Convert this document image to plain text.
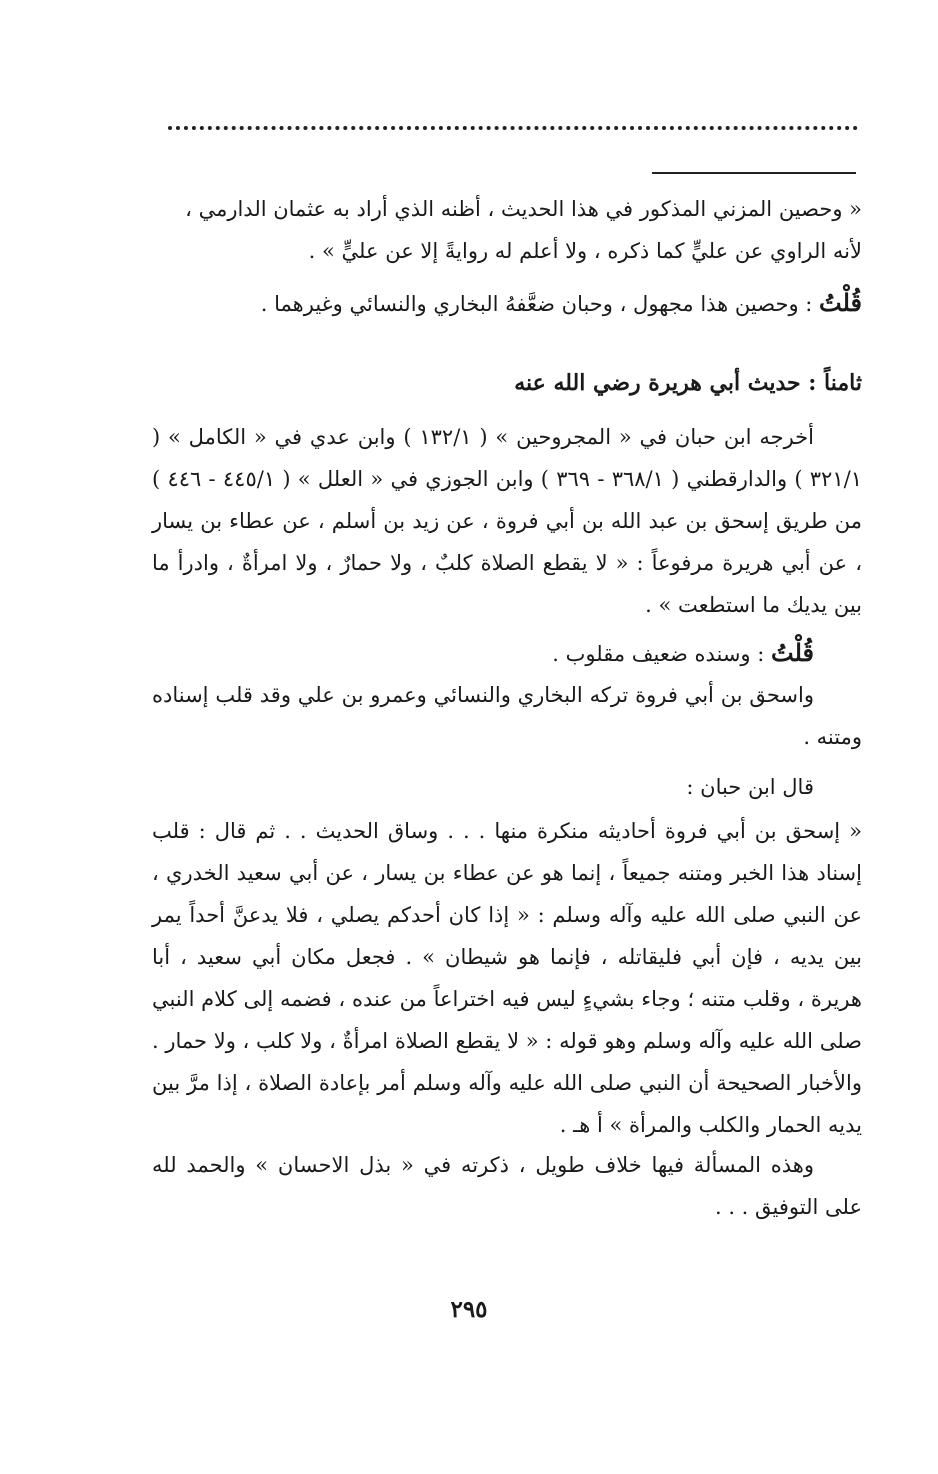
« وحصين المزني المذكور في هذا الحديث ، أظنه الذي أراد به عثمان الدارمي ،

لأنه الراوي عن عليٍّ كما ذكره ، ولا أعلم له روايةً إلا عن عليٍّ » .

قُلْتُ : وحصين هذا مجهول ، وحبان ضعَّفهُ البخاري والنسائي وغيرهما .

ثامناً : حديث أبي هريرة رضي الله عنه

أخرجه ابن حبان في « المجروحين » ( ١٣٢/١ ) وابن عدي في « الكامل » ( ٣٢١/١ ) والدارقطني ( ٣٦٨/١ - ٣٦٩ ) وابن الجوزي في « العلل » ( ٤٤٥/١ - ٤٤٦ ) من طريق إسحق بن عبد الله بن أبي فروة ، عن زيد بن أسلم ، عن عطاء بن يسار ، عن أبي هريرة مرفوعاً : « لا يقطع الصلاة كلبٌ ، ولا حمارٌ ، ولا امرأةٌ ، وادرأ ما بين يديك ما استطعت » .

قُلْتُ : وسنده ضعيف مقلوب .

واسحق بن أبي فروة تركه البخاري والنسائي وعمرو بن علي وقد قلب إسناده ومتنه .

قال ابن حبان :

« إسحق بن أبي فروة أحاديثه منكرة منها . . . وساق الحديث . . ثم قال : قلب إسناد هذا الخبر ومتنه جميعاً ، إنما هو عن عطاء بن يسار ، عن أبي سعيد الخدري ، عن النبي صلى الله عليه وآله وسلم : « إذا كان أحدكم يصلي ، فلا يدعنَّ أحداً يمر بين يديه ، فإن أبي فليقاتله ، فإنما هو شيطان » . فجعل مكان أبي سعيد ، أبا هريرة ، وقلب متنه ؛ وجاء بشيءٍ ليس فيه اختراعاً من عنده ، فضمه إلى كلام النبي صلى الله عليه وآله وسلم وهو قوله : « لا يقطع الصلاة امرأةٌ ، ولا كلب ، ولا حمار . والأخبار الصحيحة أن النبي صلى الله عليه وآله وسلم أمر بإعادة الصلاة ، إذا مرَّ بين يديه الحمار والكلب والمرأة » أ هـ .

وهذه المسألة فيها خلاف طويل ، ذكرته في « بذل الاحسان » والحمد لله على التوفيق . . .

٢٩٥
